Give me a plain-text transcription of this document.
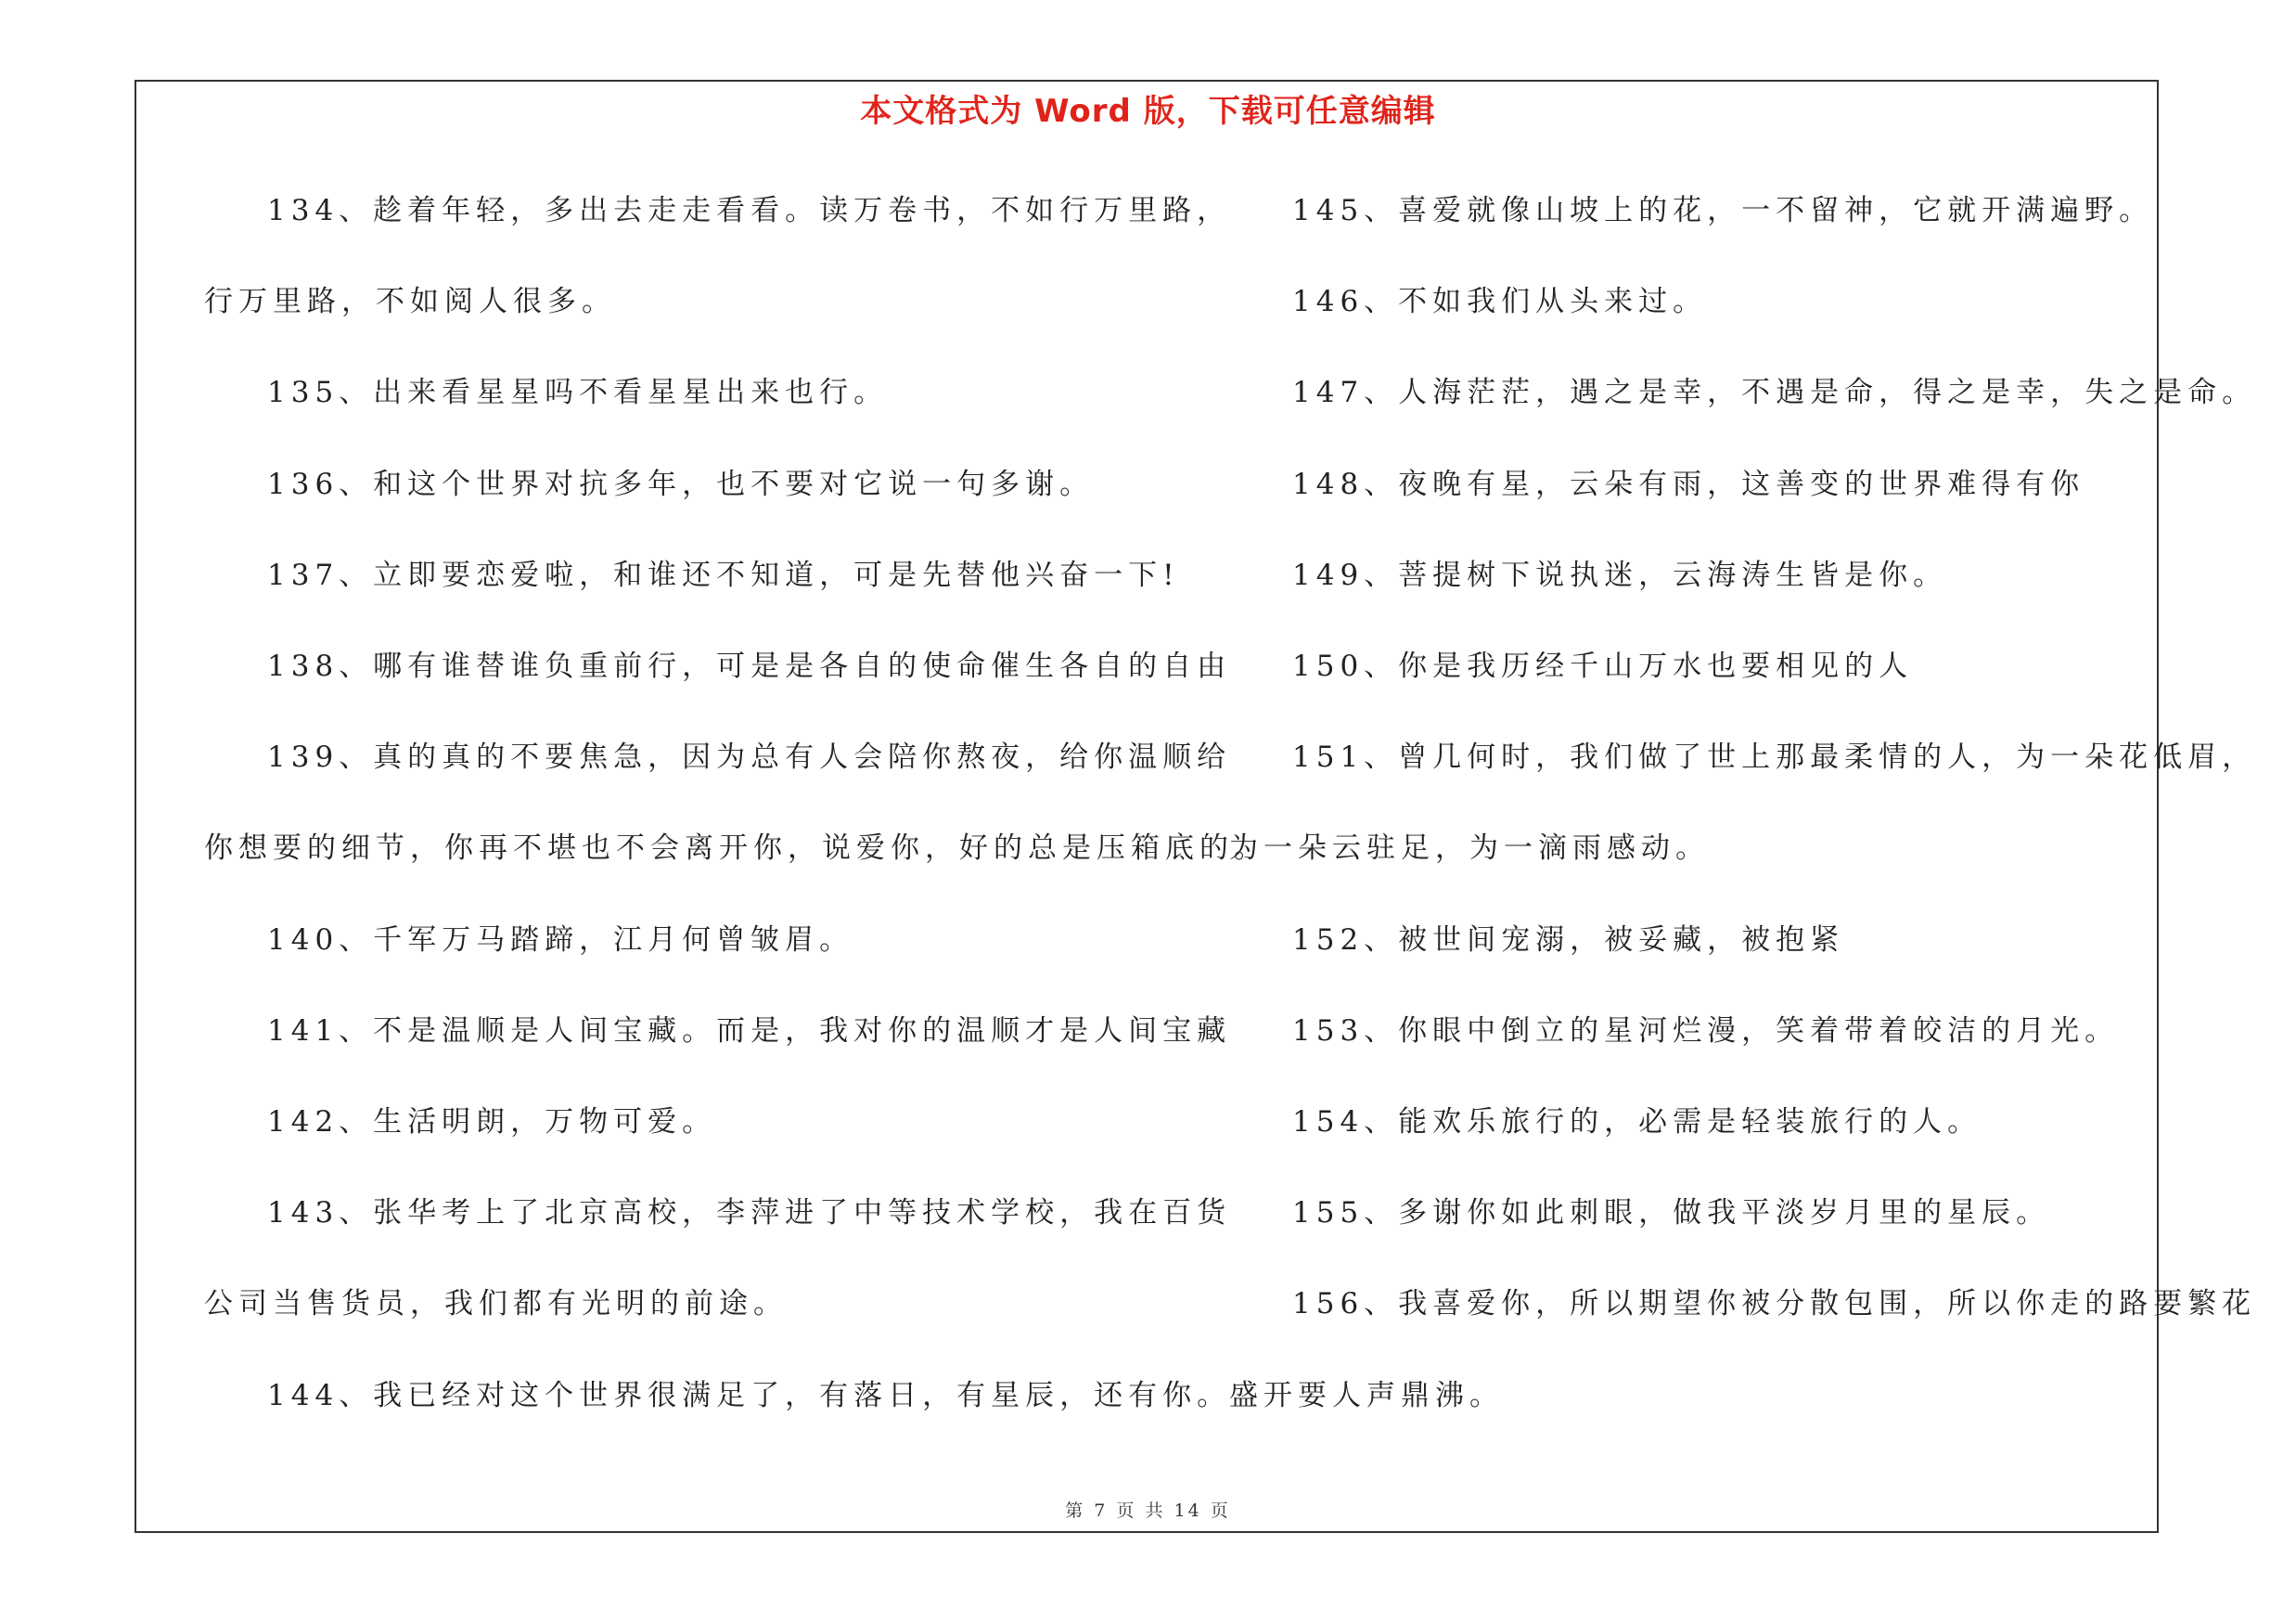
本文格式为 Word 版，下载可任意编辑
134、趁着年轻，多出去走走看看。读万卷书，不如行万里路，
行万里路，不如阅人很多。
135、出来看星星吗不看星星出来也行。
136、和这个世界对抗多年，也不要对它说一句多谢。
137、立即要恋爱啦，和谁还不知道，可是先替他兴奋一下!
138、哪有谁替谁负重前行，可是是各自的使命催生各自的自由
139、真的真的不要焦急，因为总有人会陪你熬夜，给你温顺给
你想要的细节，你再不堪也不会离开你，说爱你，好的总是压箱底的。
140、千军万马踏蹄，江月何曾皱眉。
141、不是温顺是人间宝藏。而是，我对你的温顺才是人间宝藏
142、生活明朗，万物可爱。
143、张华考上了北京高校，李萍进了中等技术学校，我在百货
公司当售货员，我们都有光明的前途。
144、我已经对这个世界很满足了，有落日，有星辰，还有你。
145、喜爱就像山坡上的花，一不留神，它就开满遍野。
146、不如我们从头来过。
147、人海茫茫，遇之是幸，不遇是命，得之是幸，失之是命。
148、夜晚有星，云朵有雨，这善变的世界难得有你
149、菩提树下说执迷，云海涛生皆是你。
150、你是我历经千山万水也要相见的人
151、曾几何时，我们做了世上那最柔情的人，为一朵花低眉，
为一朵云驻足，为一滴雨感动。
152、被世间宠溺，被妥藏，被抱紧
153、你眼中倒立的星河烂漫，笑着带着皎洁的月光。
154、能欢乐旅行的，必需是轻装旅行的人。
155、多谢你如此刺眼，做我平淡岁月里的星辰。
156、我喜爱你，所以期望你被分散包围，所以你走的路要繁花
盛开要人声鼎沸。
第 7 页 共 14 页
